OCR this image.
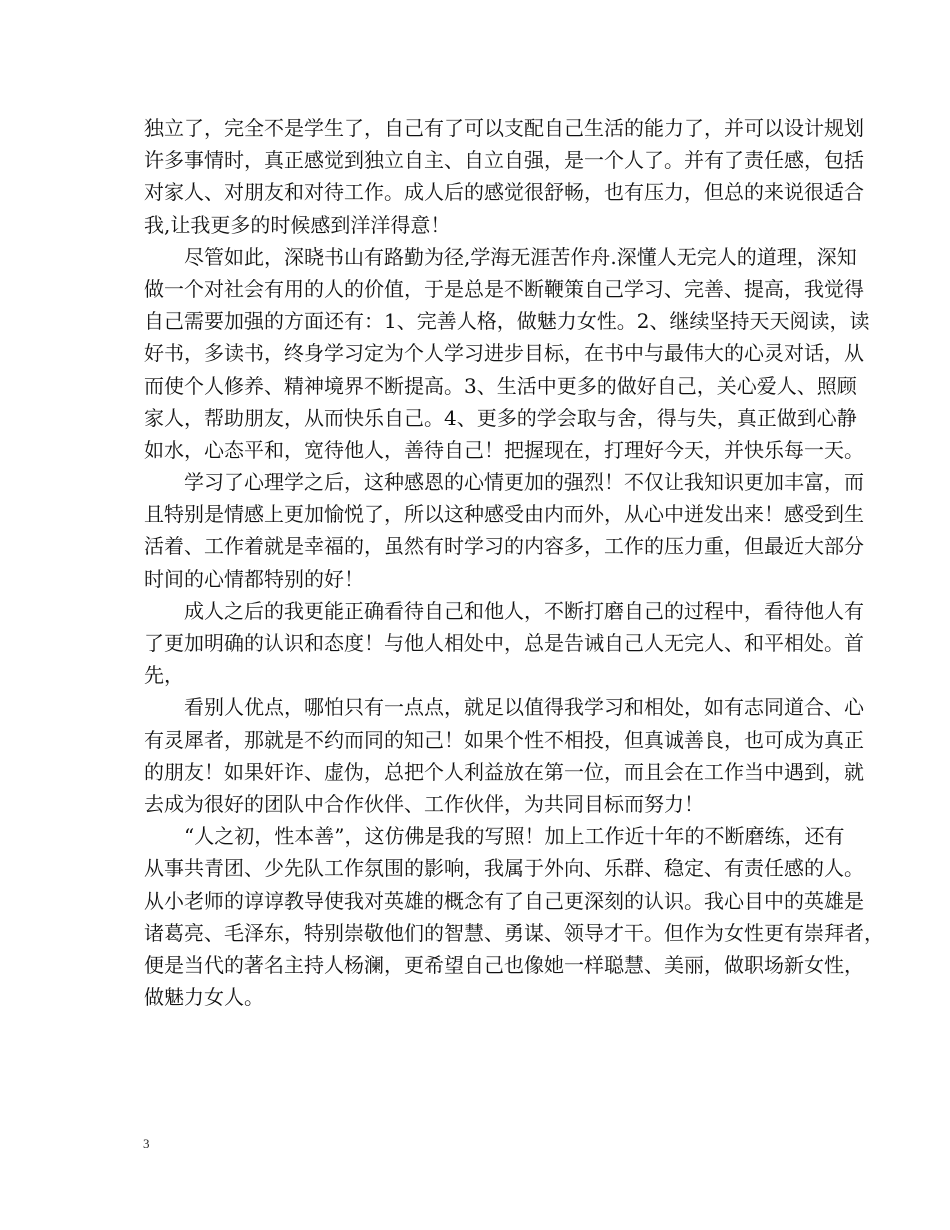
独立了，完全不是学生了，自己有了可以支配自己生活的能力了，并可以设计规划
许多事情时，真正感觉到独立自主、自立自强，是一个人了。并有了责任感，包括
对家人、对朋友和对待工作。成人后的感觉很舒畅，也有压力，但总的来说很适合
我,让我更多的时候感到洋洋得意！
　　尽管如此，深晓书山有路勤为径,学海无涯苦作舟.深懂人无完人的道理，深知
做一个对社会有用的人的价值，于是总是不断鞭策自己学习、完善、提高，我觉得
自己需要加强的方面还有：1、完善人格，做魅力女性。2、继续坚持天天阅读，读
好书，多读书，终身学习定为个人学习进步目标，在书中与最伟大的心灵对话，从
而使个人修养、精神境界不断提高。3、生活中更多的做好自己，关心爱人、照顾
家人，帮助朋友，从而快乐自己。4、更多的学会取与舍，得与失，真正做到心静
如水，心态平和，宽待他人，善待自己！把握现在，打理好今天，并快乐每一天。
　　学习了心理学之后，这种感恩的心情更加的强烈！不仅让我知识更加丰富，而
且特别是情感上更加愉悦了，所以这种感受由内而外，从心中迸发出来！感受到生
活着、工作着就是幸福的，虽然有时学习的内容多，工作的压力重，但最近大部分
时间的心情都特别的好！
　　成人之后的我更能正确看待自己和他人，不断打磨自己的过程中，看待他人有
了更加明确的认识和态度！与他人相处中，总是告诫自己人无完人、和平相处。首
先，
　　看别人优点，哪怕只有一点点，就足以值得我学习和相处，如有志同道合、心
有灵犀者，那就是不约而同的知己！如果个性不相投，但真诚善良，也可成为真正
的朋友！如果奸诈、虚伪，总把个人利益放在第一位，而且会在工作当中遇到，就
去成为很好的团队中合作伙伴、工作伙伴，为共同目标而努力！
　　“人之初，性本善”，这仿佛是我的写照！加上工作近十年的不断磨练，还有
从事共青团、少先队工作氛围的影响，我属于外向、乐群、稳定、有责任感的人。
从小老师的谆谆教导使我对英雄的概念有了自己更深刻的认识。我心目中的英雄是
诸葛亮、毛泽东，特别崇敬他们的智慧、勇谋、领导才干。但作为女性更有崇拜者，
便是当代的著名主持人杨澜，更希望自己也像她一样聪慧、美丽，做职场新女性，
做魅力女人。
3
